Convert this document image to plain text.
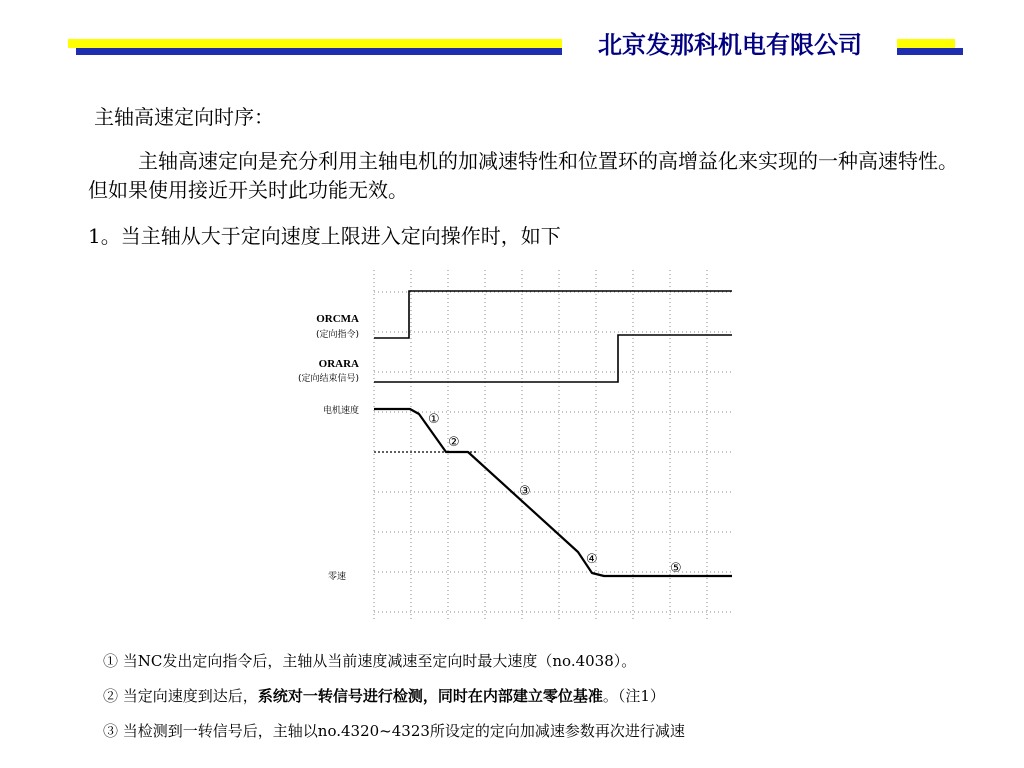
北京发那科机电有限公司
主轴高速定向时序：
主轴高速定向是充分利用主轴电机的加减速特性和位置环的高增益化来实现的一种高速特性。但如果使用接近开关时此功能无效。
1。当主轴从大于定向速度上限进入定向操作时，如下
ORCMA
(定向指令)
ORARA
(定向结束信号)
电机速度
零速
①
②
③
④
⑤
① 当NC发出定向指令后，主轴从当前速度减速至定向时最大速度（no.4038）。
② 当定向速度到达后，系统对一转信号进行检测，同时在内部建立零位基准。（注1）
③ 当检测到一转信号后，主轴以no.4320~4323所设定的定向加减速参数再次进行减速
